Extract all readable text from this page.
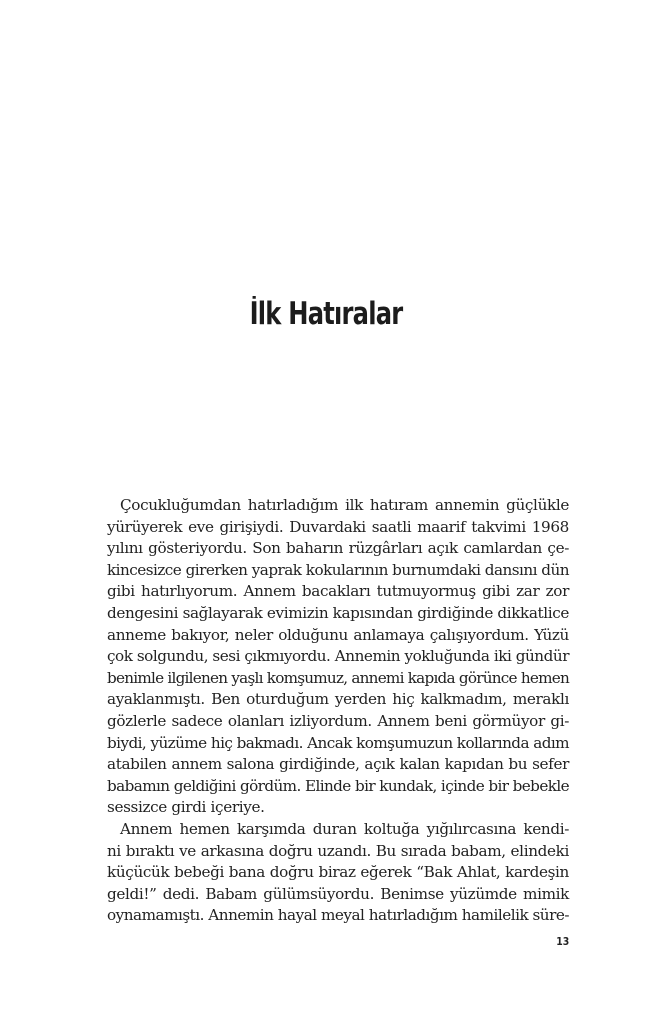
İlk Hatıralar
Çocukluğumdan hatırladığım ilk hatıram annemin güçlükle
yürüyerek eve girişiydi. Duvardaki saatli maarif takvimi 1968
yılını gösteriyordu. Son baharın rüzgârları açık camlardan çe-
kincesizce girerken yaprak kokularının burnumdaki dansını dün
gibi hatırlıyorum. Annem bacakları tutmuyormuş gibi zar zor
dengesini sağlayarak evimizin kapısından girdiğinde dikkatlice
anneme bakıyor, neler olduğunu anlamaya çalışıyordum. Yüzü
çok solgundu, sesi çıkmıyordu. Annemin yokluğunda iki gündür
benimle ilgilenen yaşlı komşumuz, annemi kapıda görünce hemen
ayaklanmıştı. Ben oturduğum yerden hiç kalkmadım, meraklı
gözlerle sadece olanları izliyordum. Annem beni görmüyor gi-
biydi, yüzüme hiç bakmadı. Ancak komşumuzun kollarında adım
atabilen annem salona girdiğinde, açık kalan kapıdan bu sefer
babamın geldiğini gördüm. Elinde bir kundak, içinde bir bebekle
sessizce girdi içeriye.
Annem hemen karşımda duran koltuğa yığılırcasına kendi-
ni bıraktı ve arkasına doğru uzandı. Bu sırada babam, elindeki
küçücük bebeği bana doğru biraz eğerek “Bak Ahlat, kardeşin
geldi!” dedi. Babam gülümsüyordu. Benimse yüzümde mimik
oynamamıştı. Annemin hayal meyal hatırladığım hamilelik süre-
13
